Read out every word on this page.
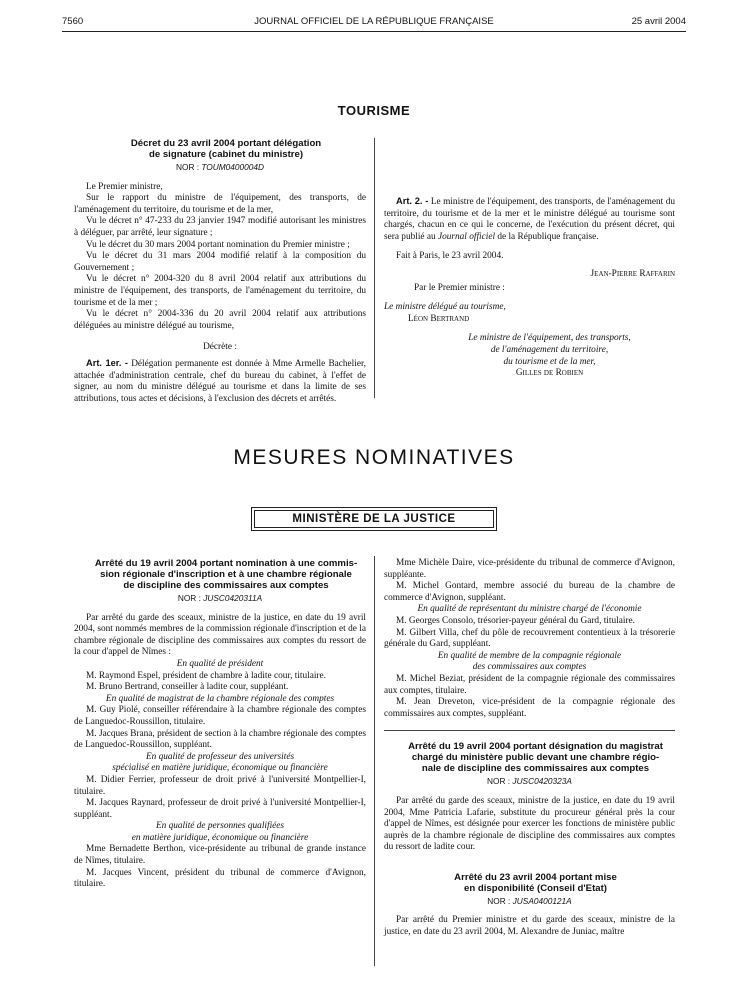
7560	JOURNAL OFFICIEL DE LA RÉPUBLIQUE FRANÇAISE	25 avril 2004
TOURISME

Décret du 23 avril 2004 portant délégation

de signature (cabinet du ministre)

NOR : TOUM0400004D

Le Premier ministre,

Sur le rapport du ministre de l'équipement, des transports, de l'aménagement du territoire, du tourisme et de la mer,

Vu le décret n° 47-233 du 23 janvier 1947 modifié autorisant les ministres à déléguer, par arrêté, leur signature ;

Vu le décret du 30 mars 2004 portant nomination du Premier ministre ;

Vu le décret du 31 mars 2004 modifié relatif à la composition du Gouvernement ;

Vu le décret n° 2004-320 du 8 avril 2004 relatif aux attributions du ministre de l'équipement, des transports, de l'aménagement du territoire, du tourisme et de la mer ;

Vu le décret n° 2004-336 du 20 avril 2004 relatif aux attributions déléguées au ministre délégué au tourisme,

Décrète :

Art. 1er. - Délégation permanente est donnée à Mme Armelle Bachelier, attachée d'administration centrale, chef du bureau du cabinet, à l'effet de signer, au nom du ministre délégué au tourisme et dans la limite de ses attributions, tous actes et décisions, à l'exclusion des décrets et arrêtés.

Art. 2. - Le ministre de l'équipement, des transports, de l'aménagement du territoire, du tourisme et de la mer et le ministre délégué au tourisme sont chargés, chacun en ce qui le concerne, de l'exécution du présent décret, qui sera publié au Journal officiel de la République française.

Fait à Paris, le 23 avril 2004.

Jean-Pierre Raffarin

Par le Premier ministre :

Le ministre délégué au tourisme,

Léon Bertrand

Le ministre de l'équipement, des transports,

de l'aménagement du territoire,

du tourisme et de la mer,

Gilles de Robien

MESURES NOMINATIVES
MINISTÈRE DE LA JUSTICE

Arrêté du 19 avril 2004 portant nomination à une commis-

sion régionale d'inscription et à une chambre régionale

de discipline des commissaires aux comptes

NOR : JUSC0420311A

Par arrêté du garde des sceaux, ministre de la justice, en date du 19 avril 2004, sont nommés membres de la commission régionale d'inscription et de la chambre régionale de discipline des commissaires aux comptes du ressort de la cour d'appel de Nîmes :

En qualité de président

M. Raymond Espel, président de chambre à ladite cour, titulaire.

M. Bruno Bertrand, conseiller à ladite cour, suppléant.

En qualité de magistrat de la chambre régionale des comptes

M. Guy Piolé, conseiller référendaire à la chambre régionale des comptes de Languedoc-Roussillon, titulaire.

M. Jacques Brana, président de section à la chambre régionale des comptes de Languedoc-Roussillon, suppléant.

En qualité de professeur des universités

spécialisé en matière juridique, économique ou financière

M. Didier Ferrier, professeur de droit privé à l'université Montpellier-I, titulaire.

M. Jacques Raynard, professeur de droit privé à l'université Montpellier-I, suppléant.

En qualité de personnes qualifiées

en matière juridique, économique ou financière

Mme Bernadette Berthon, vice-présidente au tribunal de grande instance de Nîmes, titulaire.

M. Jacques Vincent, président du tribunal de commerce d'Avignon, titulaire.

Mme Michèle Daire, vice-présidente du tribunal de commerce d'Avignon, suppléante.

M. Michel Gontard, membre associé du bureau de la chambre de commerce d'Avignon, suppléant.

En qualité de représentant du ministre chargé de l'économie

M. Georges Consolo, trésorier-payeur général du Gard, titulaire.

M. Gilbert Villa, chef du pôle de recouvrement contentieux à la trésorerie générale du Gard, suppléant.

En qualité de membre de la compagnie régionale

des commissaires aux comptes

M. Michel Beziat, président de la compagnie régionale des commissaires aux comptes, titulaire.

M. Jean Dreveton, vice-président de la compagnie régionale des commissaires aux comptes, suppléant.

Arrêté du 19 avril 2004 portant désignation du magistrat

chargé du ministère public devant une chambre régio-

nale de discipline des commissaires aux comptes

NOR : JUSC0420323A

Par arrêté du garde des sceaux, ministre de la justice, en date du 19 avril 2004, Mme Patricia Lafarie, substitute du procureur général près la cour d'appel de Nîmes, est désignée pour exercer les fonctions de ministère public auprès de la chambre régionale de discipline des commissaires aux comptes du ressort de ladite cour.

Arrêté du 23 avril 2004 portant mise

en disponibilité (Conseil d'Etat)

NOR : JUSA0400121A

Par arrêté du Premier ministre et du garde des sceaux, ministre de la justice, en date du 23 avril 2004, M. Alexandre de Juniac, maître
